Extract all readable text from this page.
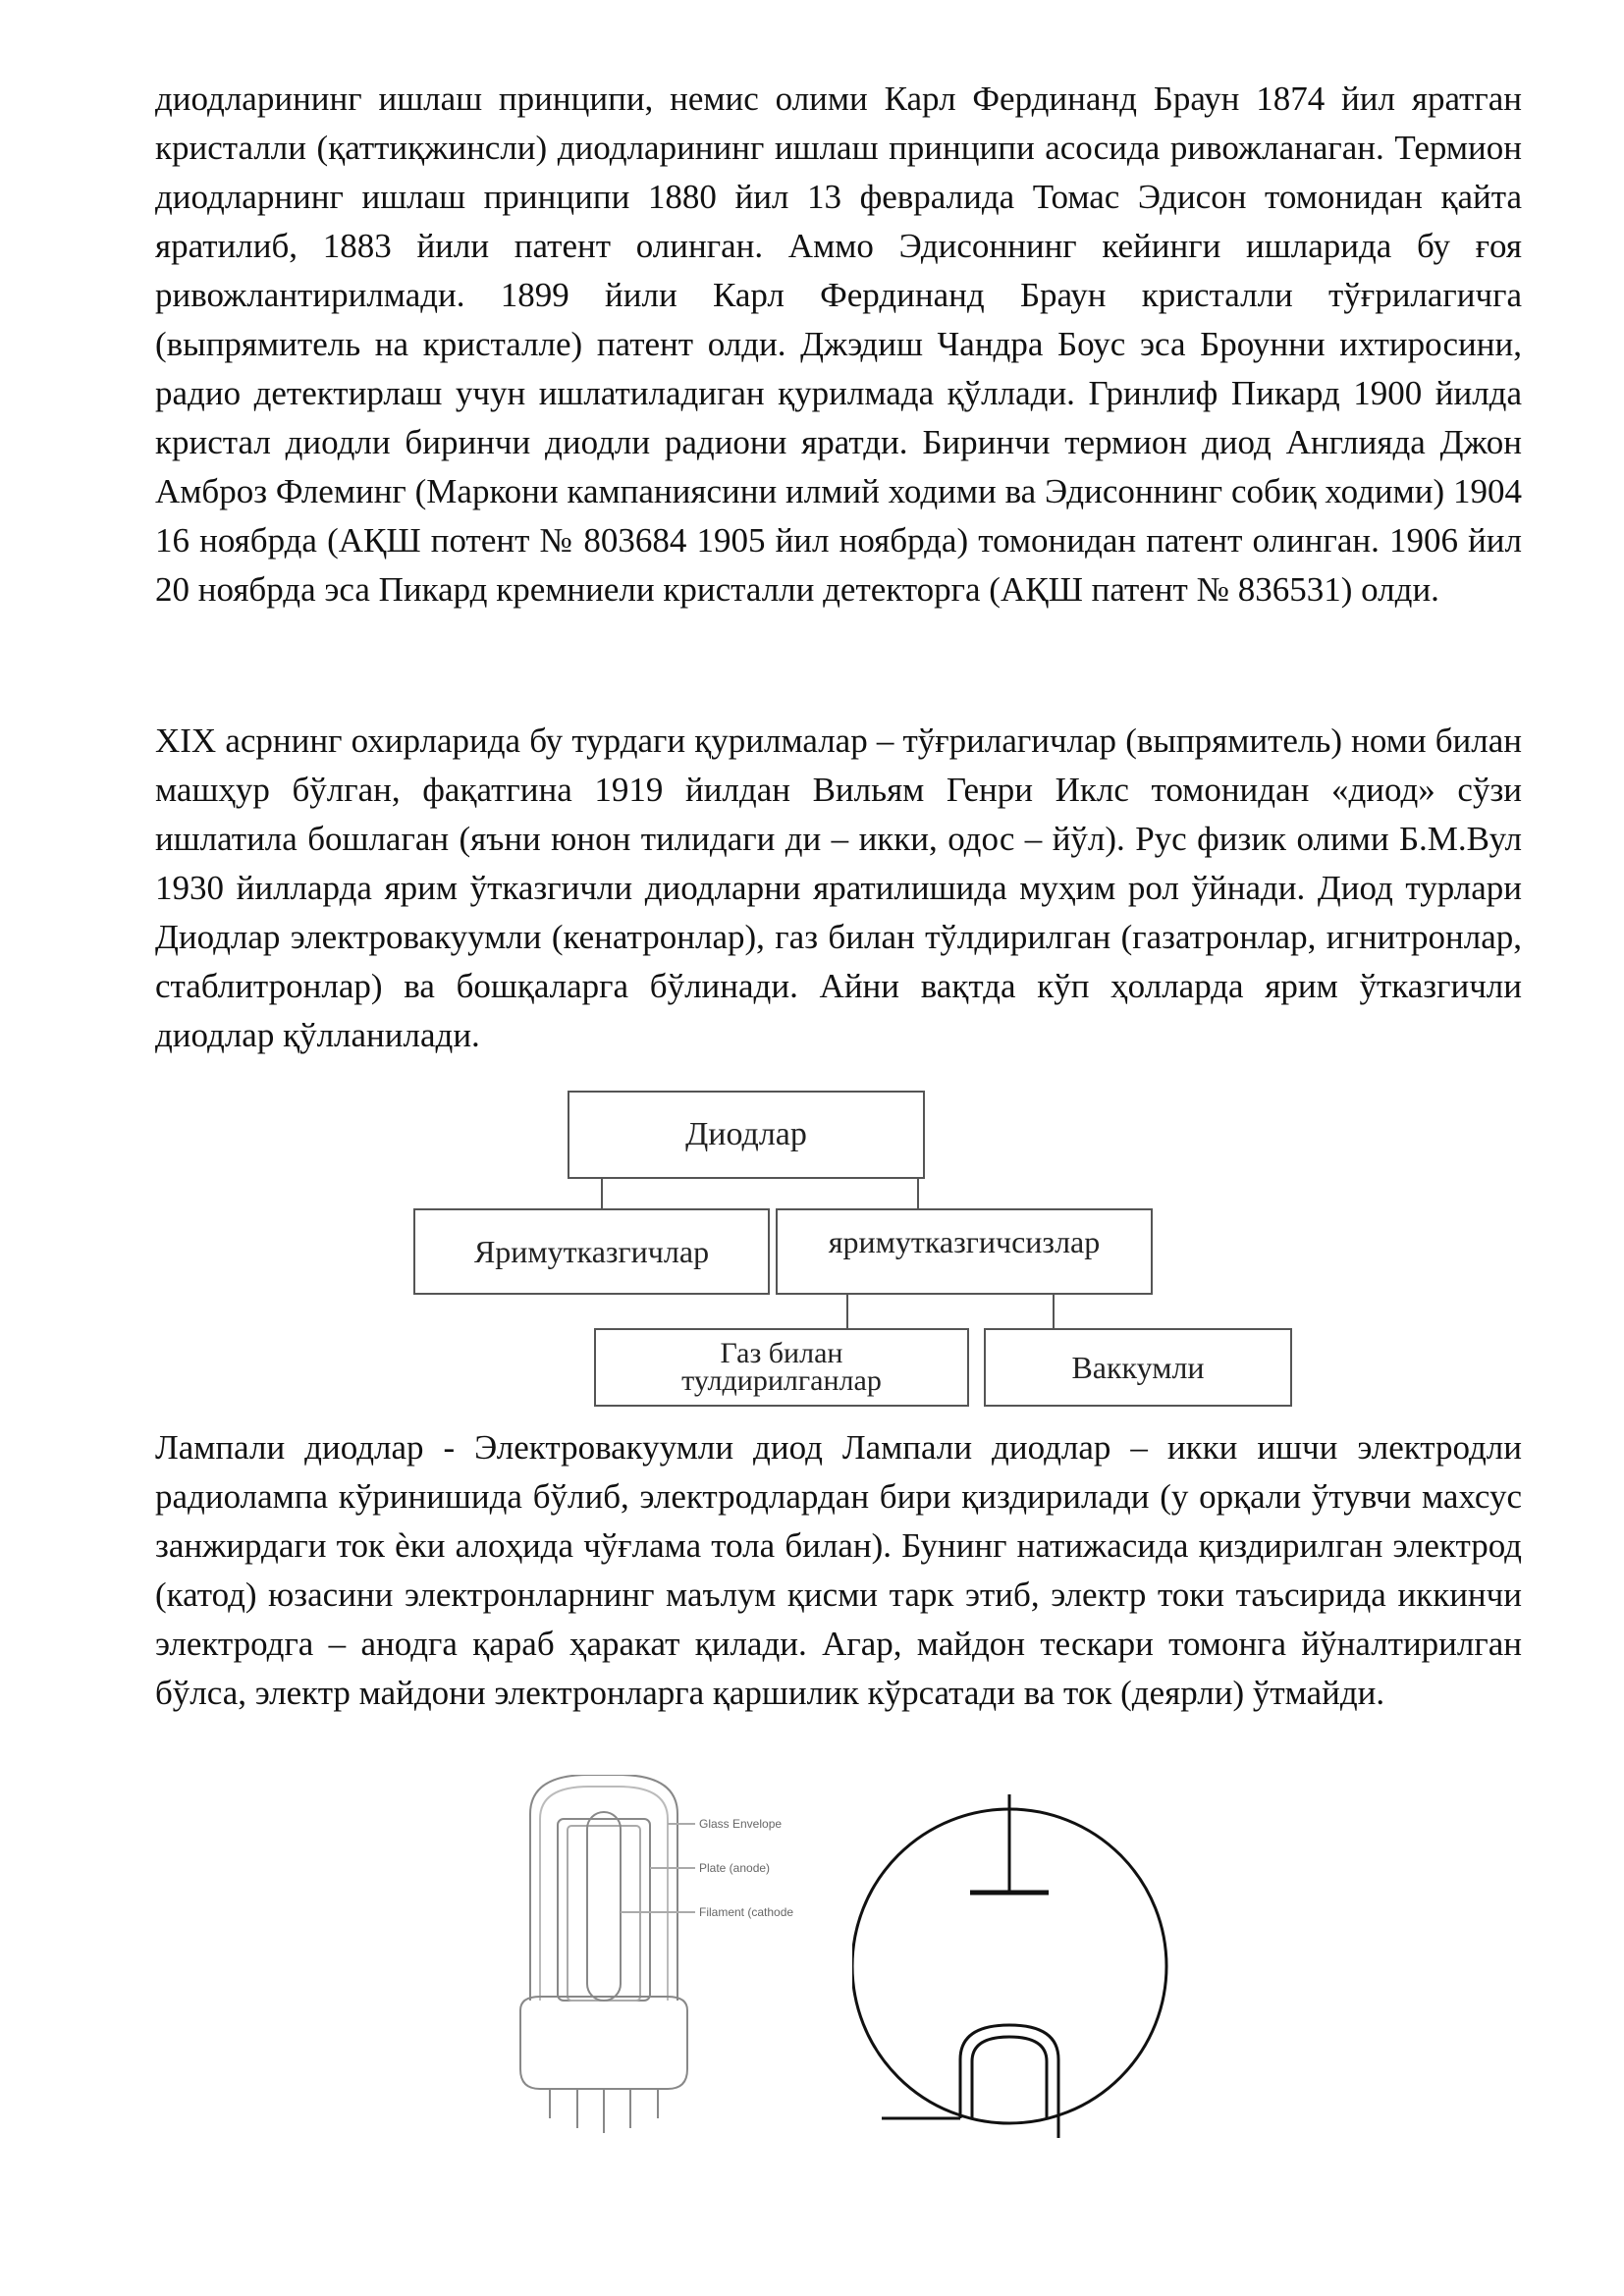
диодларининг ишлаш принципи, немис олими Карл Фердинанд Браун 1874 йил яратган кристалли (қаттиқжинсли) диодларининг ишлаш принципи асосида ривожланаган. Термион диодларнинг ишлаш принципи 1880 йил 13 февралида Томас Эдисон томонидан қайта яратилиб, 1883 йили патент олинган. Аммо Эдисоннинг кейинги ишларида бу ғоя ривожлантирилмади. 1899 йили Карл Фердинанд Браун кристалли тўғрилагичга (выпрямитель на кристалле) патент олди. Джэдиш Чандра Боус эса Броунни ихтиросини, радио детектирлаш учун ишлатиладиган қурилмада қўллади. Гринлиф Пикард 1900 йилда кристал диодли биринчи диодли радиони яратди. Биринчи термион диод Англияда Джон Амброз Флеминг (Маркони кампаниясини илмий ходими ва Эдисоннинг собиқ ходими) 1904 16 ноябрда (АҚШ потент № 803684 1905 йил ноябрда) томонидан патент олинган. 1906 йил 20 ноябрда эса Пикард кремниели кристалли детекторга (АҚШ патент № 836531) олди.

XIX асрнинг охирларида бу турдаги қурилмалар – тўғрилагичлар (выпрямитель) номи билан машҳур бўлган, фақатгина 1919 йилдан Вильям Генри Иклс томонидан «диод» сўзи ишлатила бошлаган (яъни юнон тилидаги ди – икки, одос – йўл). Рус физик олими Б.М.Вул 1930 йилларда ярим ўтказгичли диодларни яратилишида муҳим рол ўйнади. Диод турлари Диодлар электровакуумли (кенатронлар), газ билан тўлдирилган (газатронлар, игнитронлар, стаблитронлар) ва бошқаларга бўлинади. Айни вақтда кўп ҳолларда ярим ўтказгичли диодлар қўлланилади.

Лампали диодлар - Электровакуумли диод Лампали диодлар – икки ишчи электродли радиолампа кўринишида бўлиб, электродлардан бири қиздирилади (у орқали ўтувчи махсус занжирдаги ток ѐки алоҳида чўғлама тола билан). Бунинг натижасида қиздирилган электрод (катод) юзасини электронларнинг маълум қисми тарк этиб, электр токи таъсирида иккинчи электродга – анодга қараб ҳаракат қилади. Агар, майдон тескари томонга йўналтирилган бўлса, электр майдони электронларга қаршилик кўрсатади ва ток (деярли) ўтмайди.

Диодлар
Яримутказгичлар	яримутказгичсизлар
Газ билан
тулдирилганлар	Ваккумли
Glass Envelope
Plate (anode)
Filament (cathode
